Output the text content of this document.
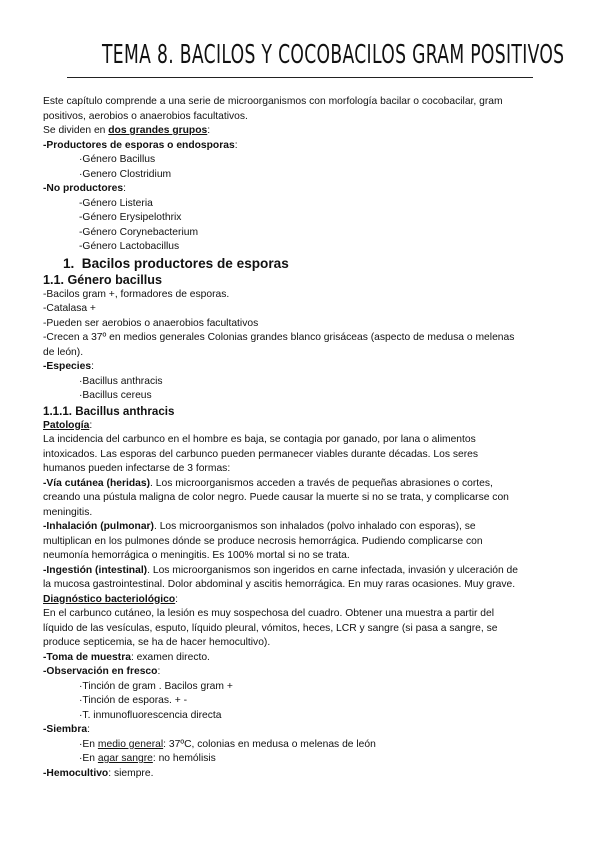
TEMA 8. BACILOS Y COCOBACILOS GRAM POSITIVOS
Este capítulo comprende a una serie de microorganismos con morfología bacilar o cocobacilar, gram
positivos, aerobios o anaerobios facultativos.
Se dividen en dos grandes grupos:
-Productores de esporas o endosporas:
·Género Bacillus
·Genero Clostridium
-No productores:
-Género Listeria
-Género Erysipelothrix
-Género Corynebacterium
-Género Lactobacillus
1. Bacilos productores de esporas
1.1. Género bacillus
-Bacilos gram +, formadores de esporas.
-Catalasa +
-Pueden ser aerobios o anaerobios facultativos
-Crecen a 37º en medios generales Colonias grandes blanco grisáceas (aspecto de medusa o melenas
de león).
-Especies:
·Bacillus anthracis
·Bacillus cereus
1.1.1. Bacillus anthracis
Patología:
La incidencia del carbunco en el hombre es baja, se contagia por ganado, por lana o alimentos
intoxicados. Las esporas del carbunco pueden permanecer viables durante décadas. Los seres
humanos pueden infectarse de 3 formas:
-Vía cutánea (heridas). Los microorganismos acceden a través de pequeñas abrasiones o cortes,
creando una pústula maligna de color negro. Puede causar la muerte si no se trata, y complicarse con
meningitis.
-Inhalación (pulmonar). Los microorganismos son inhalados (polvo inhalado con esporas), se
multiplican en los pulmones dónde se produce necrosis hemorrágica. Pudiendo complicarse con
neumonía hemorrágica o meningitis. Es 100% mortal si no se trata.
-Ingestión (intestinal). Los microorganismos son ingeridos en carne infectada, invasión y ulceración de
la mucosa gastrointestinal. Dolor abdominal y ascitis hemorrágica. En muy raras ocasiones. Muy grave.
Diagnóstico bacteriológico:
En el carbunco cutáneo, la lesión es muy sospechosa del cuadro. Obtener una muestra a partir del
líquido de las vesículas, esputo, líquido pleural, vómitos, heces, LCR y sangre (si pasa a sangre, se
produce septicemia, se ha de hacer hemocultivo).
-Toma de muestra: examen directo.
-Observación en fresco:
·Tinción de gram . Bacilos gram +
·Tinción de esporas. + -
·T. inmunofluorescencia directa
-Siembra:
·En medio general: 37ºC, colonias en medusa o melenas de león
·En agar sangre: no hemólisis
-Hemocultivo: siempre.
